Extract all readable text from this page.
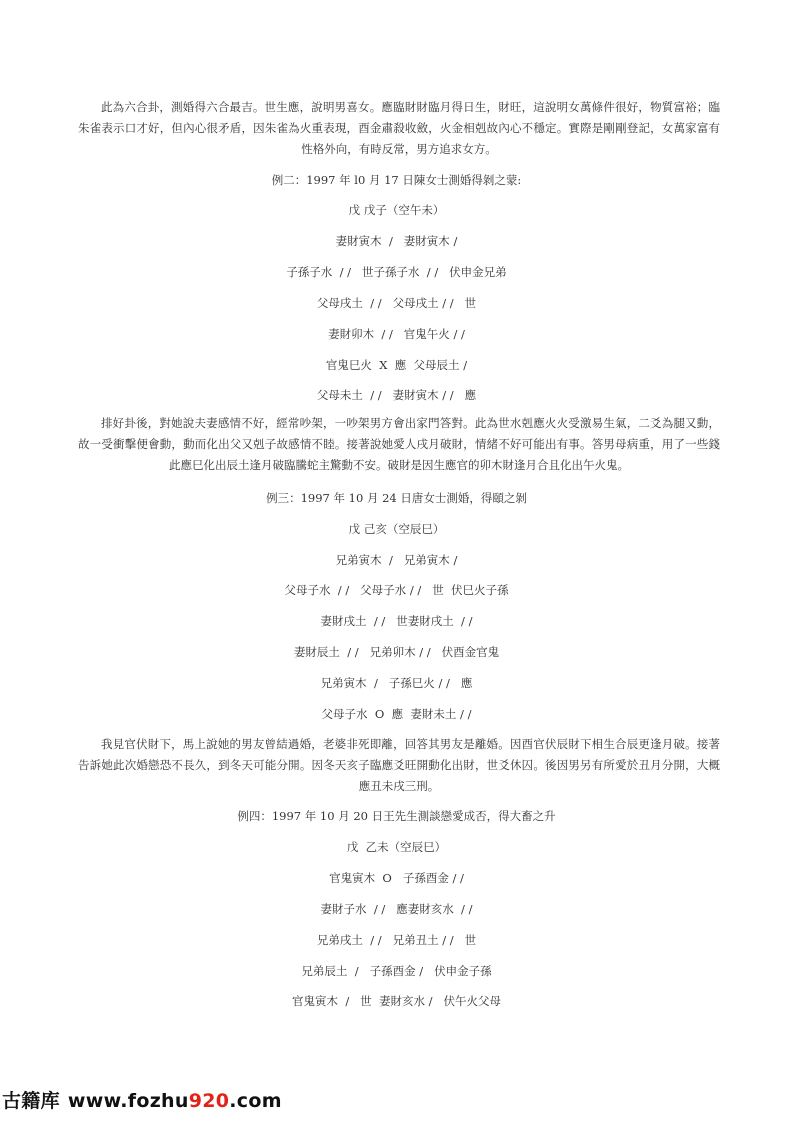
此為六合卦，測婚得六合最吉。世生應，說明男喜女。應臨財財臨月得日生，財旺，這說明女萬條件很好，物質富裕；臨朱雀表示口才好，但內心很矛盾，因朱雀為火重表現，酉金肅殺收斂，火金相剋故內心不穩定。實際是剛剛登記，女萬家富有性格外向，有時反常，男方追求女方。
例二：1997 年 l0 月 17 日陳女士測婚得剝之蒙:
戊 戊子（空午未）
妻財寅木  /   妻財寅木 /
子孫子水  / /   世子孫子水  / /   伏申金兄弟
父母戌土  / /   父母戌土 / /   世
妻財卯木  / /   官鬼午火 / /
官鬼巳火  X  應  父母辰土 /
父母未土  / /   妻財寅木 / /   應
排好卦後，對她說夫妻感情不好，經常吵架，一吵架男方會出家門答對。此為世水剋應火火受激易生氣，二爻為腿又動，故一受衝擊便會動，動而化出父又剋子故感情不睦。接著說她愛人戌月破財，情緒不好可能出有事。答男母病重，用了一些錢此應巳化出辰土逢月破臨騰蛇主驚動不安。破財是因生應官的卯木財逢月合且化出午火鬼。
例三：1997 年 10 月 24 日唐女士測婚，得頤之剝
戊 己亥（空辰巳）
兄弟寅木  /   兄弟寅木 /
父母子水  / /   父母子水 / /   世  伏巳火子孫
妻財戌土  / /   世妻財戌土  / /
妻財辰土  / /   兄弟卯木 / /   伏酉金官鬼
兄弟寅木  /   子孫巳火 / /   應
父母子水  O  應  妻財未土 / /
我見官伏財下，馬上說她的男友曾結過婚，老婆非死即離，回答其男友是離婚。因酉官伏辰財下相生合辰更逢月破。接著告訴她此次婚戀恐不長久，到冬天可能分開。因冬天亥子臨應爻旺開動化出財，世爻休囚。後因男另有所愛於丑月分開，大概應丑未戌三刑。
例四：1997 年 10 月 20 日王先生測談戀愛成否，得大畜之升
戊  乙未（空辰巳）
官鬼寅木  O   子孫酉金 / /
妻財子水  / /   應妻財亥水  / /
兄弟戌土  / /   兄弟丑土 / /   世
兄弟辰土  /   子孫酉金 /   伏申金子孫
官鬼寅木  /   世  妻財亥水 /   伏午火父母
古籍库 www.fozhu920.com
